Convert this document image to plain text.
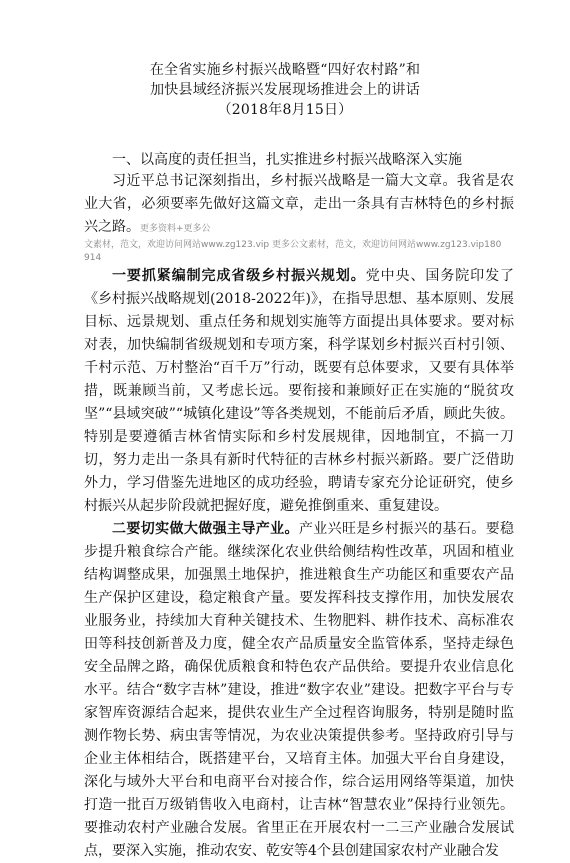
在全省实施乡村振兴战略暨“四好农村路”和
加快县域经济振兴发展现场推进会上的讲话
（2018年8月15日）
一、以高度的责任担当，扎实推进乡村振兴战略深入实施

习近平总书记深刻指出，乡村振兴战略是一篇大文章。我省是农业大省，必须要率先做好这篇文章，走出一条具有吉林特色的乡村振兴之路。更多资料+更多公

文素材，范文，欢迎访问网站www.zg123.vip 更多公文素材，范文，欢迎访问网站www.zg123.vip180 914

一要抓紧编制完成省级乡村振兴规划。党中央、国务院印发了《乡村振兴战略规划(2018-2022年)》，在指导思想、基本原则、发展目标、远景规划、重点任务和规划实施等方面提出具体要求。要对标对表，加快编制省级规划和专项方案，科学谋划乡村振兴百村引领、千村示范、万村整治“百千万”行动，既要有总体要求，又要有具体举措，既兼顾当前，又考虑长远。要衔接和兼顾好正在实施的“脱贫攻坚”“县域突破”“城镇化建设”等各类规划，不能前后矛盾，顾此失彼。特别是要遵循吉林省情实际和乡村发展规律，因地制宜，不搞一刀切，努力走出一条具有新时代特征的吉林乡村振兴新路。要广泛借助外力，学习借鉴先进地区的成功经验，聘请专家充分论证研究，使乡村振兴从起步阶段就把握好度，避免推倒重来、重复建设。

二要切实做大做强主导产业。产业兴旺是乡村振兴的基石。要稳步提升粮食综合产能。继续深化农业供给侧结构性改革，巩固和植业结构调整成果，加强黑土地保护，推进粮食生产功能区和重要农产品生产保护区建设，稳定粮食产量。要发挥科技支撑作用，加快发展农业服务业，持续加大育种关键技术、生物肥料、耕作技术、高标准农田等科技创新普及力度，健全农产品质量安全监管体系，坚持走绿色安全品牌之路，确保优质粮食和特色农产品供给。要提升农业信息化水平。结合“数字吉林”建设，推进“数字农业”建设。把数字平台与专家智库资源结合起来，提供农业生产全过程咨询服务，特别是随时监测作物长势、病虫害等情况，为农业决策提供参考。坚持政府引导与企业主体相结合，既搭建平台，又培育主体。加强大平台自身建设，深化与域外大平台和电商平台对接合作，综合运用网络等渠道，加快打造一批百万级销售收入电商村，让吉林“智慧农业”保持行业领先。要推动农村产业融合发展。省里正在开展农村一二三产业融合发展试点，要深入实施，推动农安、乾安等4个县创建国家农村产业融合发
